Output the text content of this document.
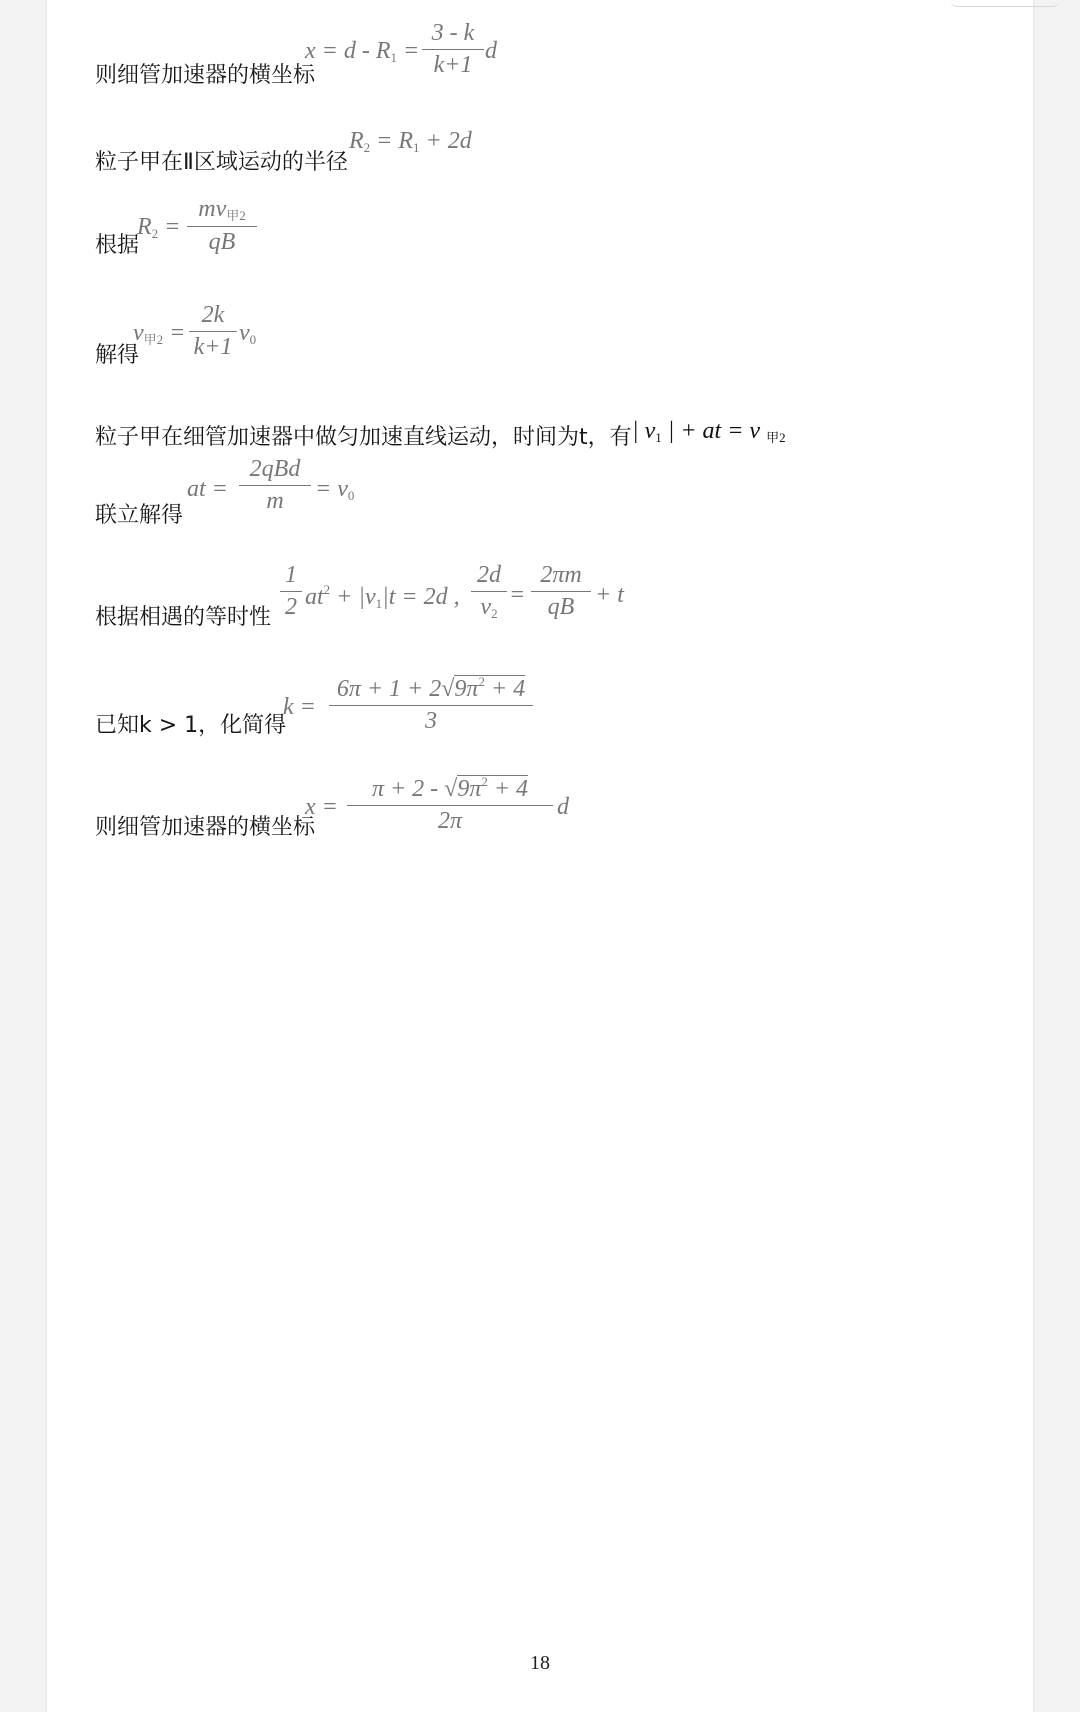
则细管加速器的横坐标
$x = d - R_1$ =
3 - k
k+1
d
粒子甲在Ⅱ区域运动的半径
$R_2 = R_1 + 2d$
根据
$R_2$ =
$mv_{甲2}$
qB
解得
$v_{甲2}$ =
2k
k+1
$v_0$
粒子甲在细管加速器中做匀加速直线运动，时间为t，有 | $v_1$ | + at = v $_{甲2}$
联立解得
at =
2qBd
m	= $v_0$
根据相遇的等时性
1
2 $at^2 + |v_1|t = 2d$ ,
2d
$v_2$
=
2πm
qB + t
已知k > 1，化简得
k =
$6\pi + 1 + 2√9\pi^2 + 4$
3
则细管加速器的横坐标
x =
$\pi + 2 - √9\pi^2 + 4$
2π
d
18
